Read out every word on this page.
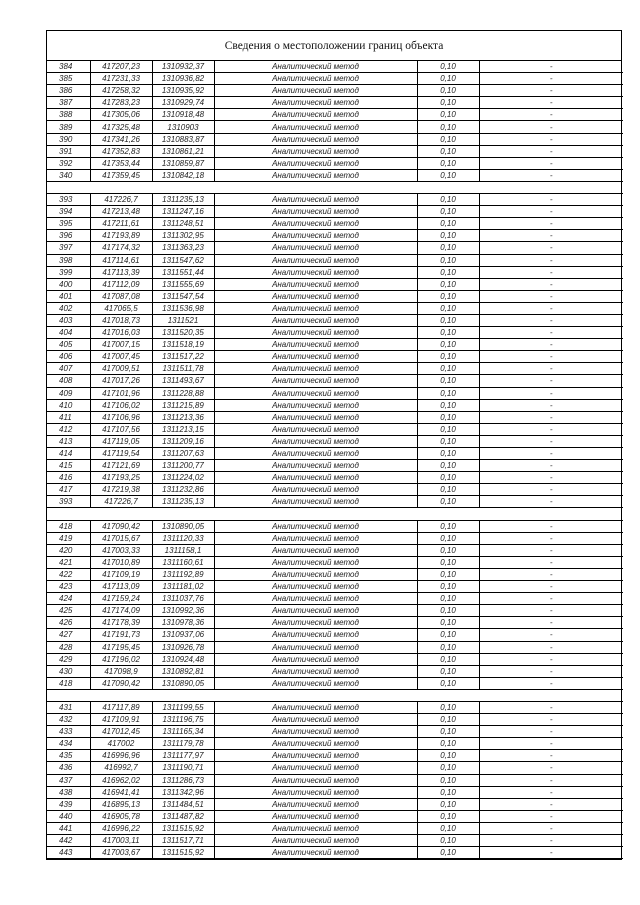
Сведения о местоположении границ объекта
384	417207,23	1310932,37	Аналитический метод	0,10	-
385	417231,33	1310936,82	Аналитический метод	0,10	-
386	417258,32	1310935,92	Аналитический метод	0,10	-
387	417283,23	1310929,74	Аналитический метод	0,10	-
388	417305,06	1310918,48	Аналитический метод	0,10	-
389	417325,48	1310903	Аналитический метод	0,10	-
390	417341,26	1310883,87	Аналитический метод	0,10	-
391	417352,83	1310861,21	Аналитический метод	0,10	-
392	417353,44	1310859,87	Аналитический метод	0,10	-
340	417359,45	1310842,18	Аналитический метод	0,10	-

393	417226,7	1311235,13	Аналитический метод	0,10	-
394	417213,48	1311247,16	Аналитический метод	0,10	-
395	417211,61	1311248,51	Аналитический метод	0,10	-
396	417193,89	1311302,95	Аналитический метод	0,10	-
397	417174,32	1311363,23	Аналитический метод	0,10	-
398	417114,61	1311547,62	Аналитический метод	0,10	-
399	417113,39	1311551,44	Аналитический метод	0,10	-
400	417112,09	1311555,69	Аналитический метод	0,10	-
401	417087,08	1311547,54	Аналитический метод	0,10	-
402	417065,5	1311536,98	Аналитический метод	0,10	-
403	417018,73	1311521	Аналитический метод	0,10	-
404	417016,03	1311520,35	Аналитический метод	0,10	-
405	417007,15	1311518,19	Аналитический метод	0,10	-
406	417007,45	1311517,22	Аналитический метод	0,10	-
407	417009,51	1311511,78	Аналитический метод	0,10	-
408	417017,26	1311493,67	Аналитический метод	0,10	-
409	417101,96	1311228,88	Аналитический метод	0,10	-
410	417106,02	1311215,89	Аналитический метод	0,10	-
411	417106,96	1311213,36	Аналитический метод	0,10	-
412	417107,56	1311213,15	Аналитический метод	0,10	-
413	417119,05	1311209,16	Аналитический метод	0,10	-
414	417119,54	1311207,63	Аналитический метод	0,10	-
415	417121,69	1311200,77	Аналитический метод	0,10	-
416	417193,25	1311224,02	Аналитический метод	0,10	-
417	417219,38	1311232,86	Аналитический метод	0,10	-
393	417226,7	1311235,13	Аналитический метод	0,10	-

418	417090,42	1310890,05	Аналитический метод	0,10	-
419	417015,67	1311120,33	Аналитический метод	0,10	-
420	417003,33	1311158,1	Аналитический метод	0,10	-
421	417010,89	1311160,61	Аналитический метод	0,10	-
422	417109,19	1311192,89	Аналитический метод	0,10	-
423	417113,09	1311181,02	Аналитический метод	0,10	-
424	417159,24	1311037,76	Аналитический метод	0,10	-
425	417174,09	1310992,36	Аналитический метод	0,10	-
426	417178,39	1310978,36	Аналитический метод	0,10	-
427	417191,73	1310937,06	Аналитический метод	0,10	-
428	417195,45	1310926,78	Аналитический метод	0,10	-
429	417196,02	1310924,48	Аналитический метод	0,10	-
430	417098,9	1310892,81	Аналитический метод	0,10	-
418	417090,42	1310890,05	Аналитический метод	0,10	-

431	417117,89	1311199,55	Аналитический метод	0,10	-
432	417109,91	1311196,75	Аналитический метод	0,10	-
433	417012,45	1311165,34	Аналитический метод	0,10	-
434	417002	1311179,78	Аналитический метод	0,10	-
435	416996,96	1311177,97	Аналитический метод	0,10	-
436	416992,7	1311190,71	Аналитический метод	0,10	-
437	416962,02	1311286,73	Аналитический метод	0,10	-
438	416941,41	1311342,96	Аналитический метод	0,10	-
439	416895,13	1311484,51	Аналитический метод	0,10	-
440	416905,78	1311487,82	Аналитический метод	0,10	-
441	416996,22	1311515,92	Аналитический метод	0,10	-
442	417003,11	1311517,71	Аналитический метод	0,10	-
443	417003,67	1311515,92	Аналитический метод	0,10	-
